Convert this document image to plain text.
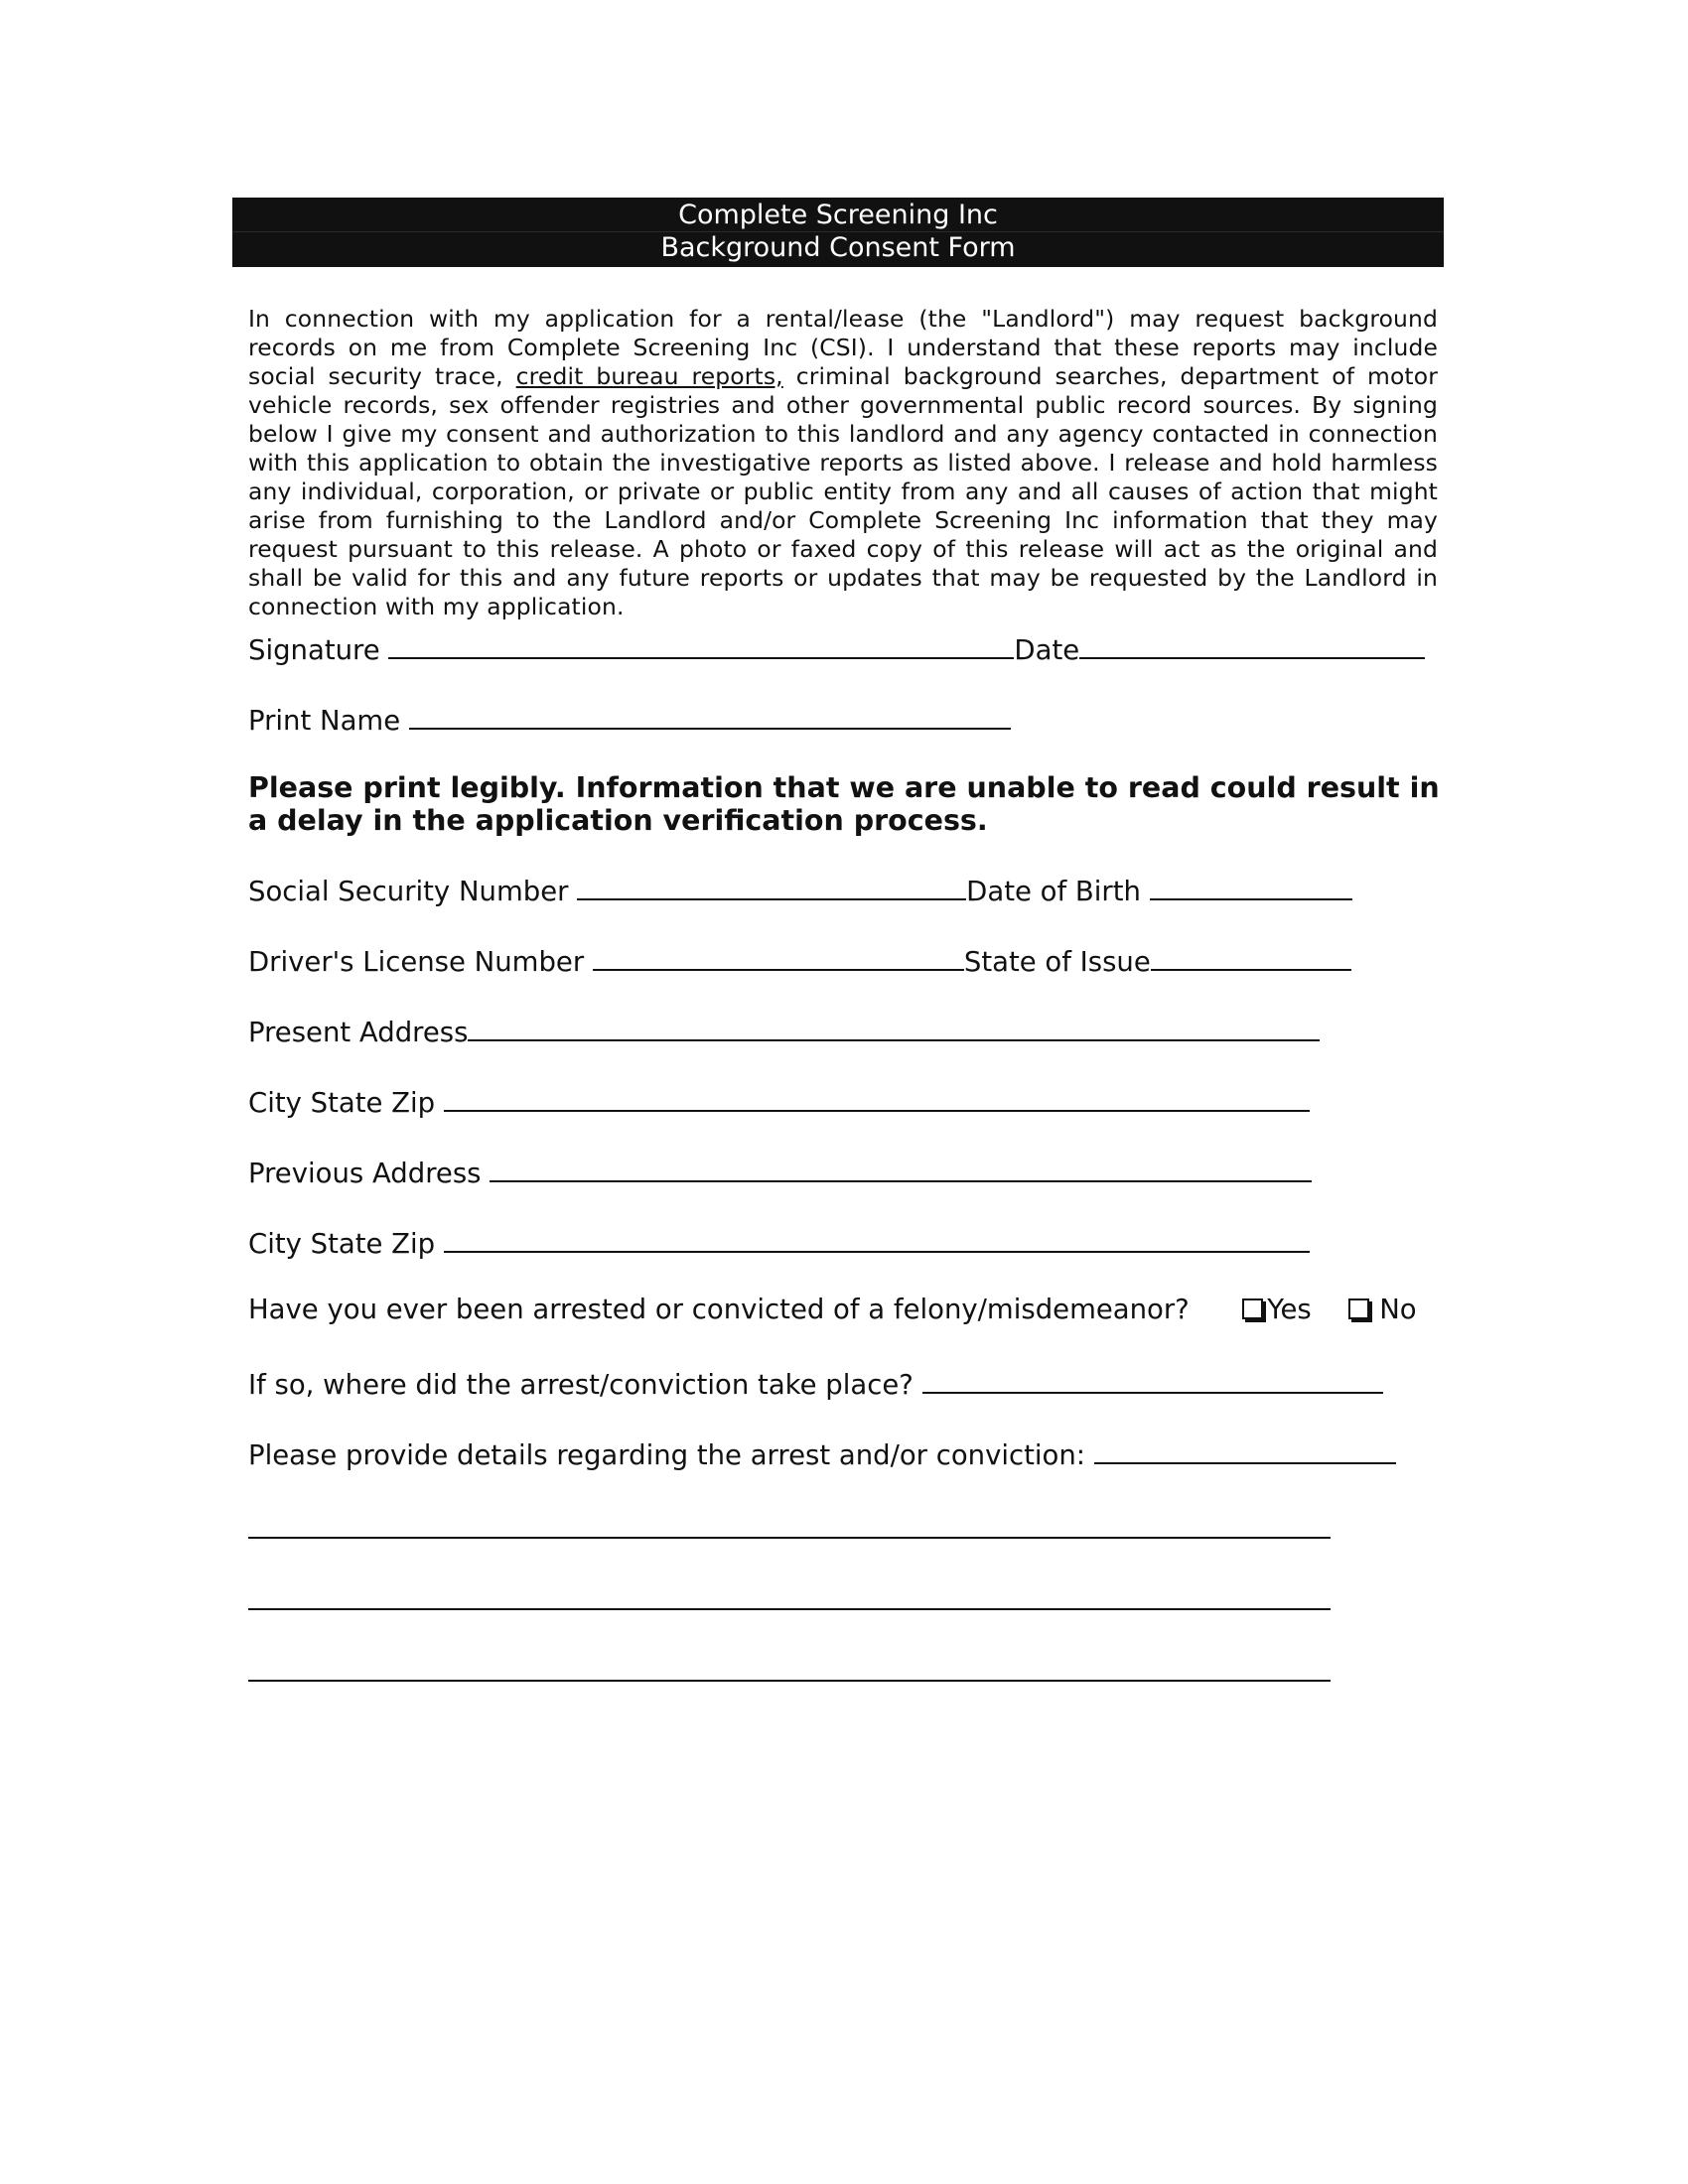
Complete Screening Inc
Background Consent Form
In connection with my application for a rental/lease (the "Landlord") may request background records on me from Complete Screening Inc (CSI). I understand that these reports may include social security trace, credit bureau reports, criminal background searches, department of motor vehicle records, sex offender registries and other governmental public record sources. By signing below I give my consent and authorization to this landlord and any agency contacted in connection with this application to obtain the investigative reports as listed above. I release and hold harmless any individual, corporation, or private or public entity from any and all causes of action that might arise from furnishing to the Landlord and/or Complete Screening Inc information that they may request pursuant to this release. A photo or faxed copy of this release will act as the original and shall be valid for this and any future reports or updates that may be requested by the Landlord in connection with my application.
Signature	Date
Print Name
Please print legibly. Information that we are unable to read could result in a delay in the application verification process.
Social Security Number	Date of Birth
Driver's License Number	State of Issue
Present Address
City State Zip
Previous Address
City State Zip
Have you ever been arrested or convicted of a felony/misdemeanor?	Yes No
If so, where did the arrest/conviction take place?
Please provide details regarding the arrest and/or conviction:
